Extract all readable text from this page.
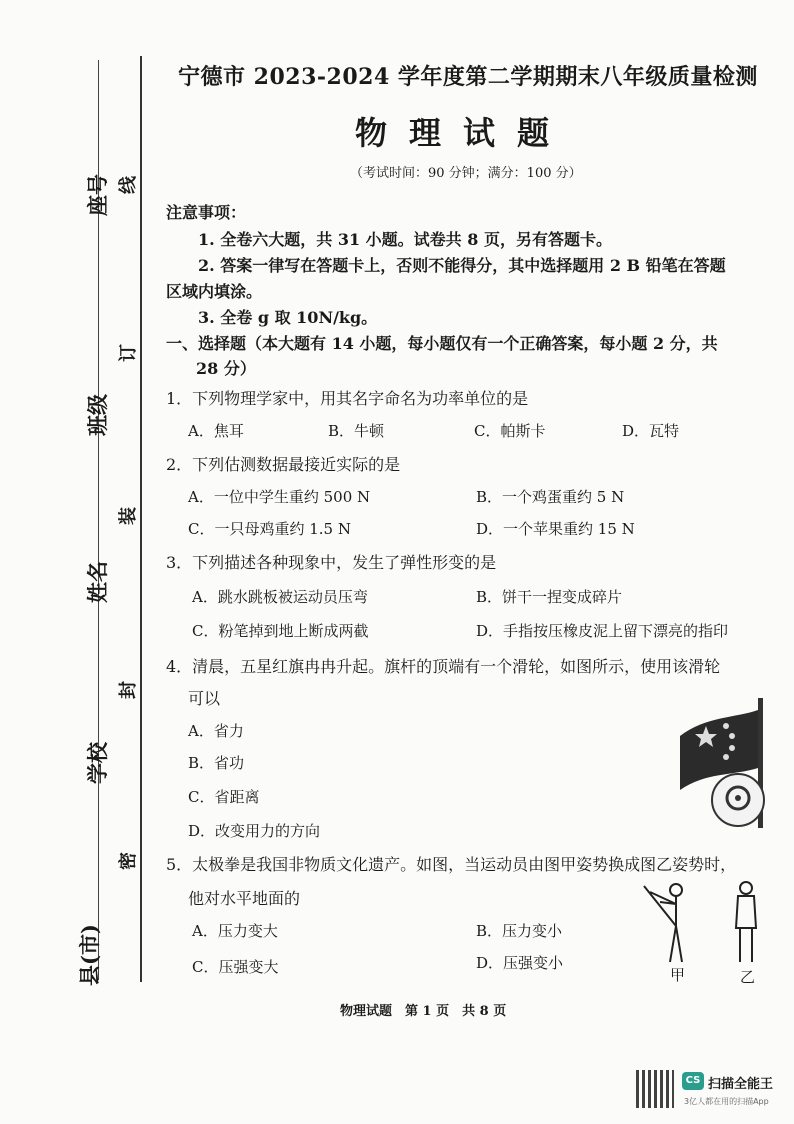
座号
班级
姓名
学校
县(市)
线
订
装
封
密
宁德市 2023-2024 学年度第二学期期末八年级质量检测
物理试题
（考试时间：90 分钟；满分：100 分）
注意事项：
1. 全卷六大题，共 31 小题。试卷共 8 页，另有答题卡。
2. 答案一律写在答题卡上，否则不能得分，其中选择题用 2 B 铅笔在答题
区域内填涂。
3. 全卷 g 取 10N/kg。
一、选择题（本大题有 14 小题，每小题仅有一个正确答案，每小题 2 分，共
28 分）
1．下列物理学家中，用其名字命名为功率单位的是
A．焦耳	B．牛顿	C．帕斯卡	D．瓦特
2．下列估测数据最接近实际的是
A．一位中学生重约 500 N	B．一个鸡蛋重约 5 N
C．一只母鸡重约 1.5 N	D．一个苹果重约 15 N
3．下列描述各种现象中，发生了弹性形变的是
A．跳水跳板被运动员压弯	B．饼干一捏变成碎片
C．粉笔掉到地上断成两截	D．手指按压橡皮泥上留下漂亮的指印
4．清晨，五星红旗冉冉升起。旗杆的顶端有一个滑轮，如图所示，使用该滑轮
可以
A．省力
B．省功
C．省距离
D．改变用力的方向
5．太极拳是我国非物质文化遗产。如图，当运动员由图甲姿势换成图乙姿势时，
他对水平地面的
A．压力变大	B．压力变小
C．压强变大	D．压强变小
甲	乙
物理试题　第 1 页　共 8 页
CS 扫描全能王
3亿人都在用的扫描App
